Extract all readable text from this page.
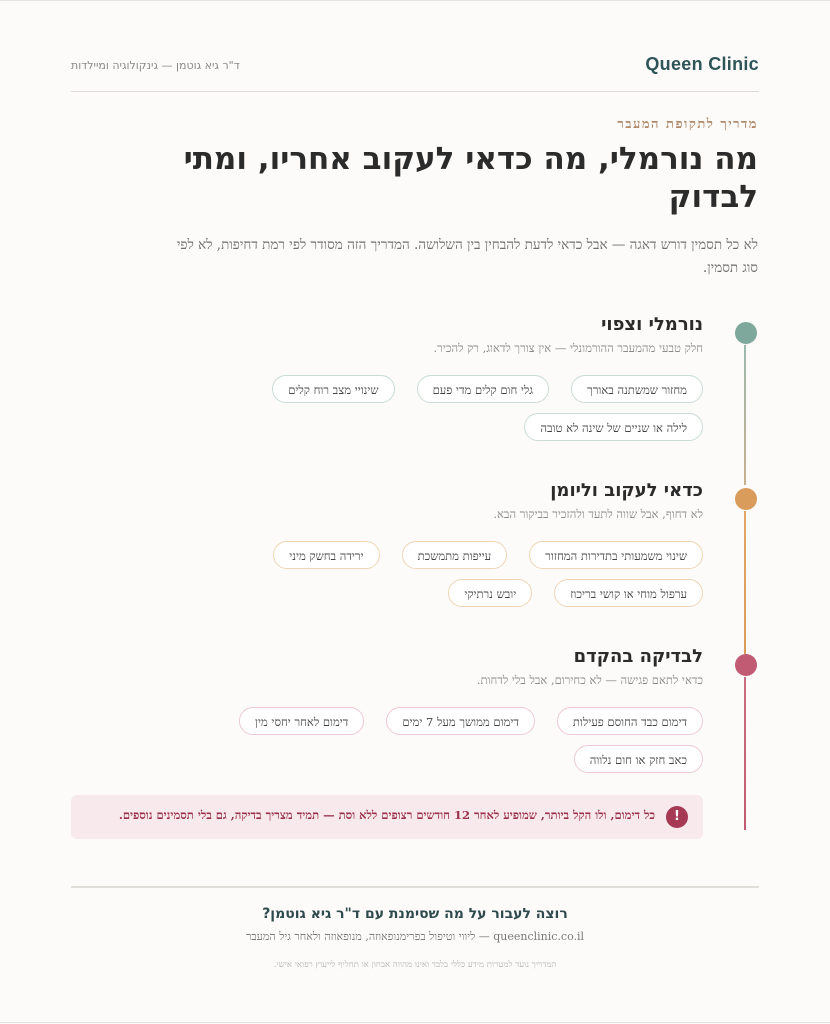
Queen Clinic
ד"ר גיא גוטמן — גינקולוגיה ומיילדות
מדריך לתקופת המעבר
מה נורמלי, מה כדאי לעקוב אחריו, ומתי לבדוק

לא כל תסמין דורש דאגה — אבל כדאי לדעת להבחין בין השלושה. המדריך הזה מסודר לפי רמת דחיפות, לא לפי סוג תסמין.

נורמלי וצפוי

חלק טבעי מהמעבר ההורמונלי — אין צורך לדאוג, רק להכיר.

מחזור שמשתנה באורך
גלי חום קלים מדי פעם
שינויי מצב רוח קלים
לילה או שניים של שינה לא טובה
כדאי לעקוב וליומן

לא דחוף, אבל שווה לתעד ולהזכיר בביקור הבא.

שינוי משמעותי בתדירות המחזור
עייפות מתמשכת
ירידה בחשק מיני
ערפול מוחי או קושי בריכוז
יובש נרתיקי
לבדיקה בהקדם

כדאי לתאם פגישה — לא כחירום, אבל בלי לדחות.

דימום כבד החוסם פעילות
דימום ממושך מעל 7 ימים
דימום לאחר יחסי מין
כאב חזק או חום נלווה
!
כל דימום, ולו הקל ביותר, שמופיע לאחר 12 חודשים רצופים ללא וסת — תמיד מצריך בדיקה, גם בלי תסמינים נוספים.
רוצה לעבור על מה שסימנת עם ד"ר גיא גוטמן?
queenclinic.co.il — ליווי וטיפול בפרימנופאוזה, מנופאוזה ולאחר גיל המעבר
המדריך נועד למטרות מידע כללי בלבד ואינו מהווה אבחון או תחליף לייעוץ רפואי אישי.
